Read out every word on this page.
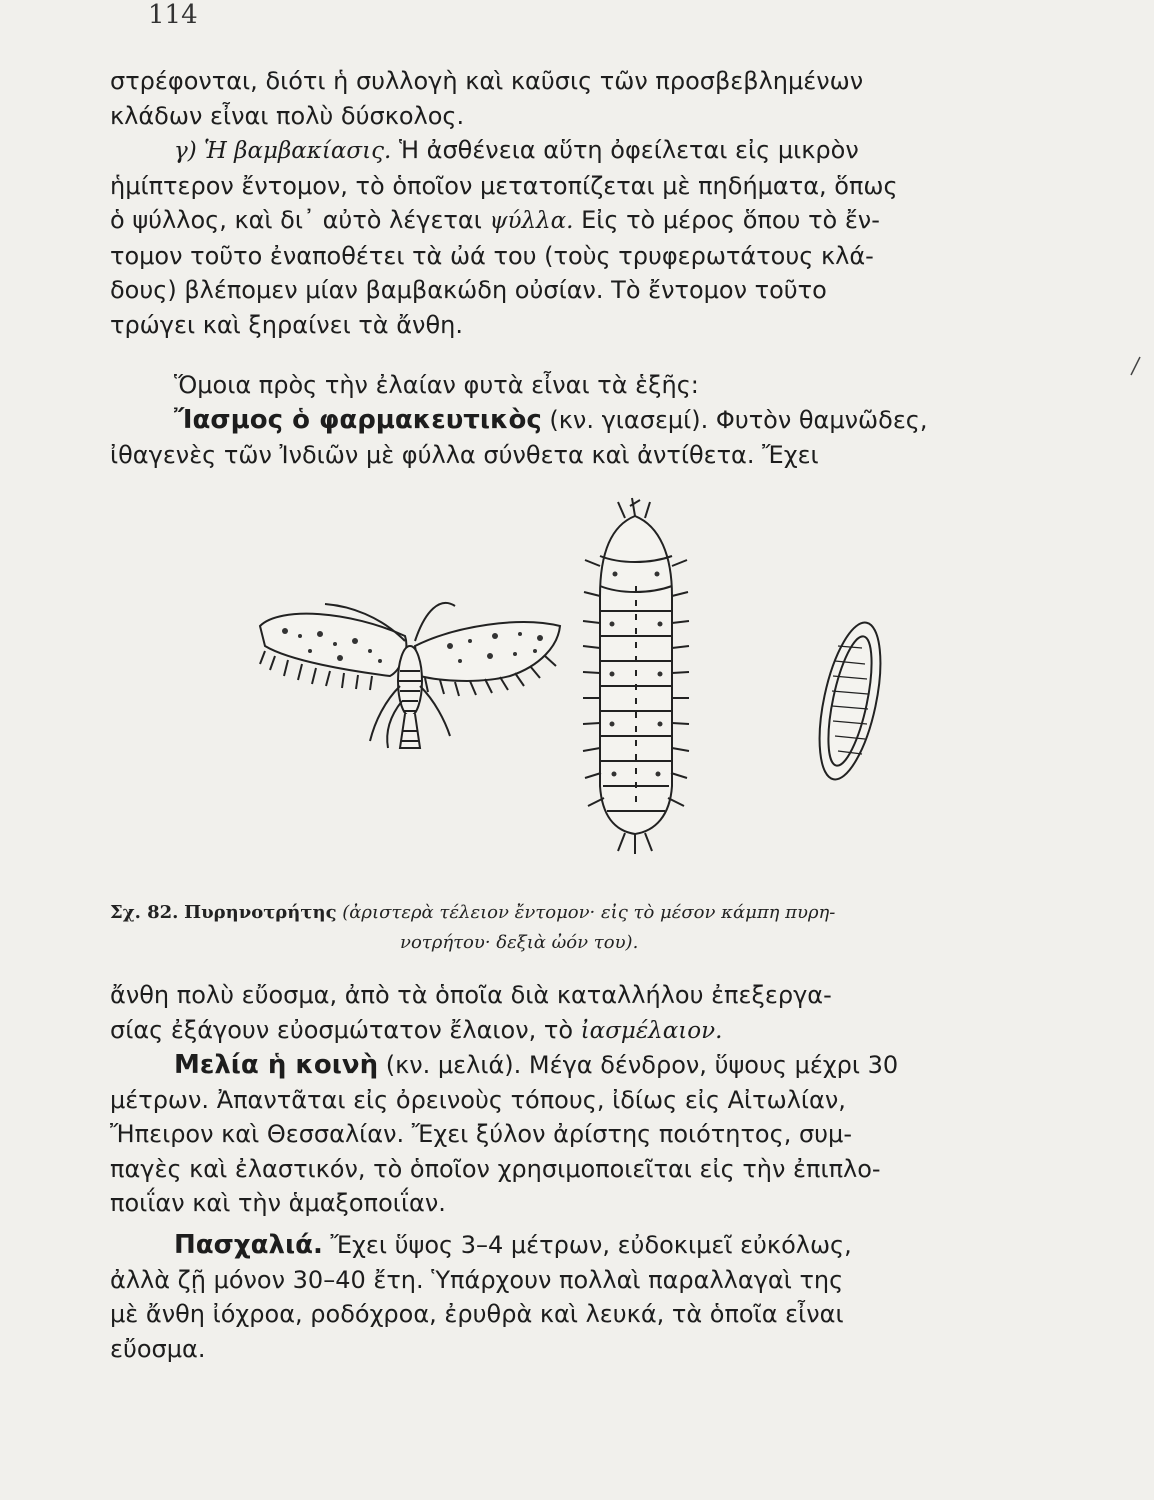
114
στρέφονται, διότι ἡ συλλογὴ καὶ καῦσις τῶν προσβεβλημένων
κλάδων εἶναι πολὺ δύσκολος.
γ) Ἡ βαμβακίασις. Ἡ ἀσθένεια αὕτη ὀφείλεται εἰς μικρὸν
ἡμίπτερον ἔντομον, τὸ ὁποῖον μετατοπίζεται μὲ πηδήματα, ὅπως
ὁ ψύλλος, καὶ δι᾽ αὐτὸ λέγεται ψύλλα. Εἰς τὸ μέρος ὅπου τὸ ἔν-
τομον τοῦτο ἐναποθέτει τὰ ὠά του (τοὺς τρυφερωτάτους κλά-
δους) βλέπομεν μίαν βαμβακώδη οὐσίαν. Τὸ ἔντομον τοῦτο
τρώγει καὶ ξηραίνει τὰ ἄνθη.
Ὅμοια πρὸς τὴν ἐλαίαν φυτὰ εἶναι τὰ ἑξῆς:
Ἴασμος ὁ φαρμακευτικὸς (κν. γιασεμί). Φυτὸν θαμνῶδες,
ἰθαγενὲς τῶν Ἰνδιῶν μὲ φύλλα σύνθετα καὶ ἀντίθετα. Ἔχει
Σχ. 82. Πυρηνοτρήτης (ἀριστερὰ τέλειον ἔντομον· εἰς τὸ μέσον κάμπη πυρη-
νοτρήτου· δεξιὰ ὠόν του).
ἄνθη πολὺ εὔοσμα, ἀπὸ τὰ ὁποῖα διὰ καταλλήλου ἐπεξεργα-
σίας ἐξάγουν εὐοσμώτατον ἔλαιον, τὸ ἰασμέλαιον.
Μελία ἡ κοινὴ (κν. μελιά). Μέγα δένδρον, ὕψους μέχρι 30
μέτρων. Ἀπαντᾶται εἰς ὀρεινοὺς τόπους, ἰδίως εἰς Αἰτωλίαν,
Ἤπειρον καὶ Θεσσαλίαν. Ἔχει ξύλον ἀρίστης ποιότητος, συμ-
παγὲς καὶ ἐλαστικόν, τὸ ὁποῖον χρησιμοποιεῖται εἰς τὴν ἐπιπλο-
ποιΐαν καὶ τὴν ἁμαξοποιΐαν.
Πασχαλιά. Ἔχει ὕψος 3–4 μέτρων, εὐδοκιμεῖ εὐκόλως,
ἀλλὰ ζῇ μόνον 30–40 ἔτη. Ὑπάρχουν πολλαὶ παραλλαγαὶ της
μὲ ἄνθη ἰόχροα, ροδόχροα, ἐρυθρὰ καὶ λευκά, τὰ ὁποῖα εἶναι
εὔοσμα.
